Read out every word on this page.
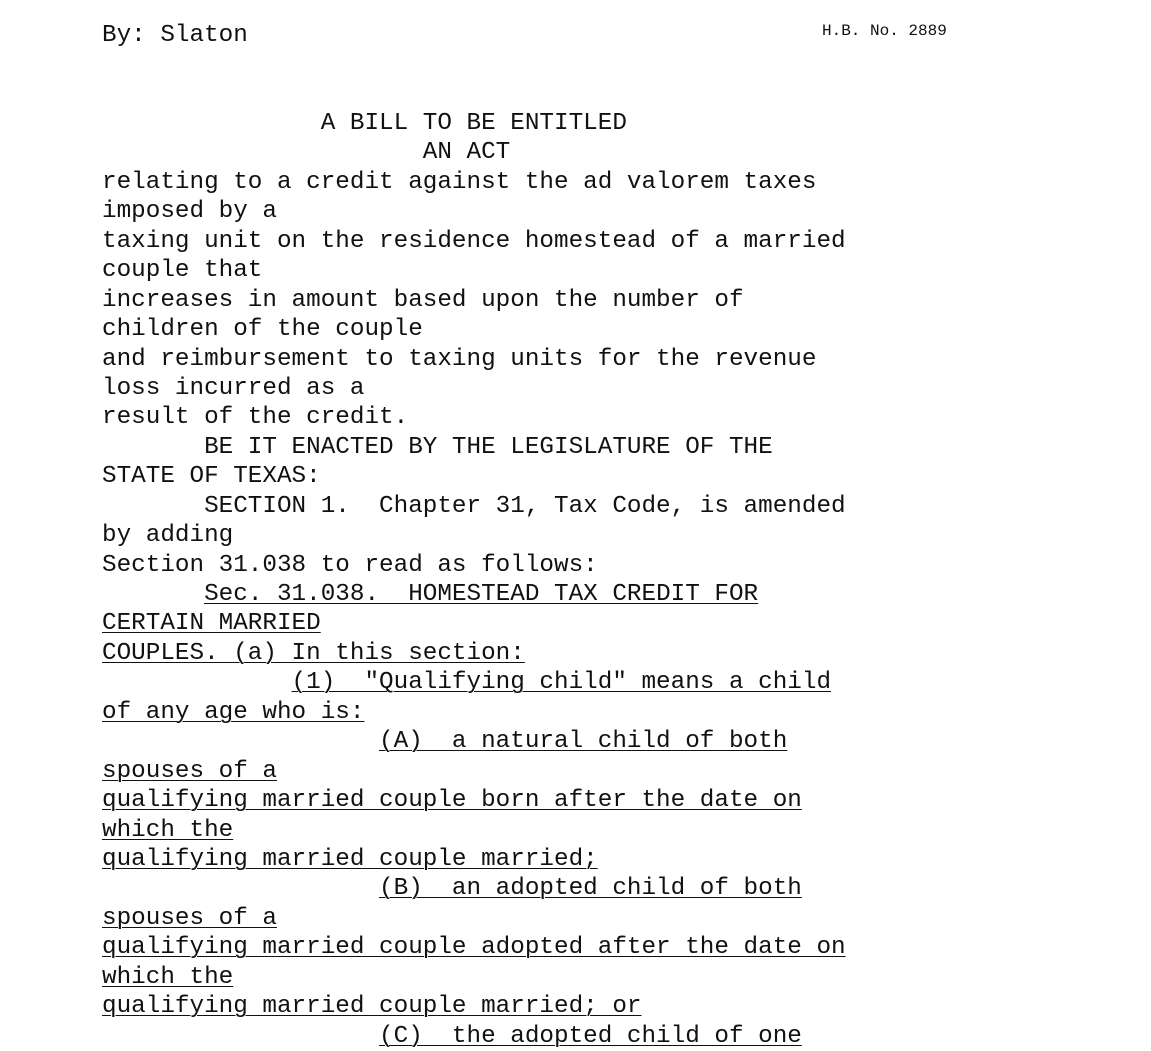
By: Slaton	H.B. No. 2889
A BILL TO BE ENTITLED
AN ACT
relating to a credit against the ad valorem taxes
imposed by a
taxing unit on the residence homestead of a married
couple that
increases in amount based upon the number of
children of the couple
and reimbursement to taxing units for the revenue
loss incurred as a
result of the credit.
BE IT ENACTED BY THE LEGISLATURE OF THE
STATE OF TEXAS:
SECTION 1.  Chapter 31, Tax Code, is amended
by adding
Section 31.038 to read as follows:
Sec. 31.038.  HOMESTEAD TAX CREDIT FOR
CERTAIN MARRIED
COUPLES. (a) In this section:
(1)  "Qualifying child" means a child
of any age who is:
(A)  a natural child of both
spouses of a
qualifying married couple born after the date on
which the
qualifying married couple married;
(B)  an adopted child of both
spouses of a
qualifying married couple adopted after the date on
which the
qualifying married couple married; or
(C)  the adopted child of one
